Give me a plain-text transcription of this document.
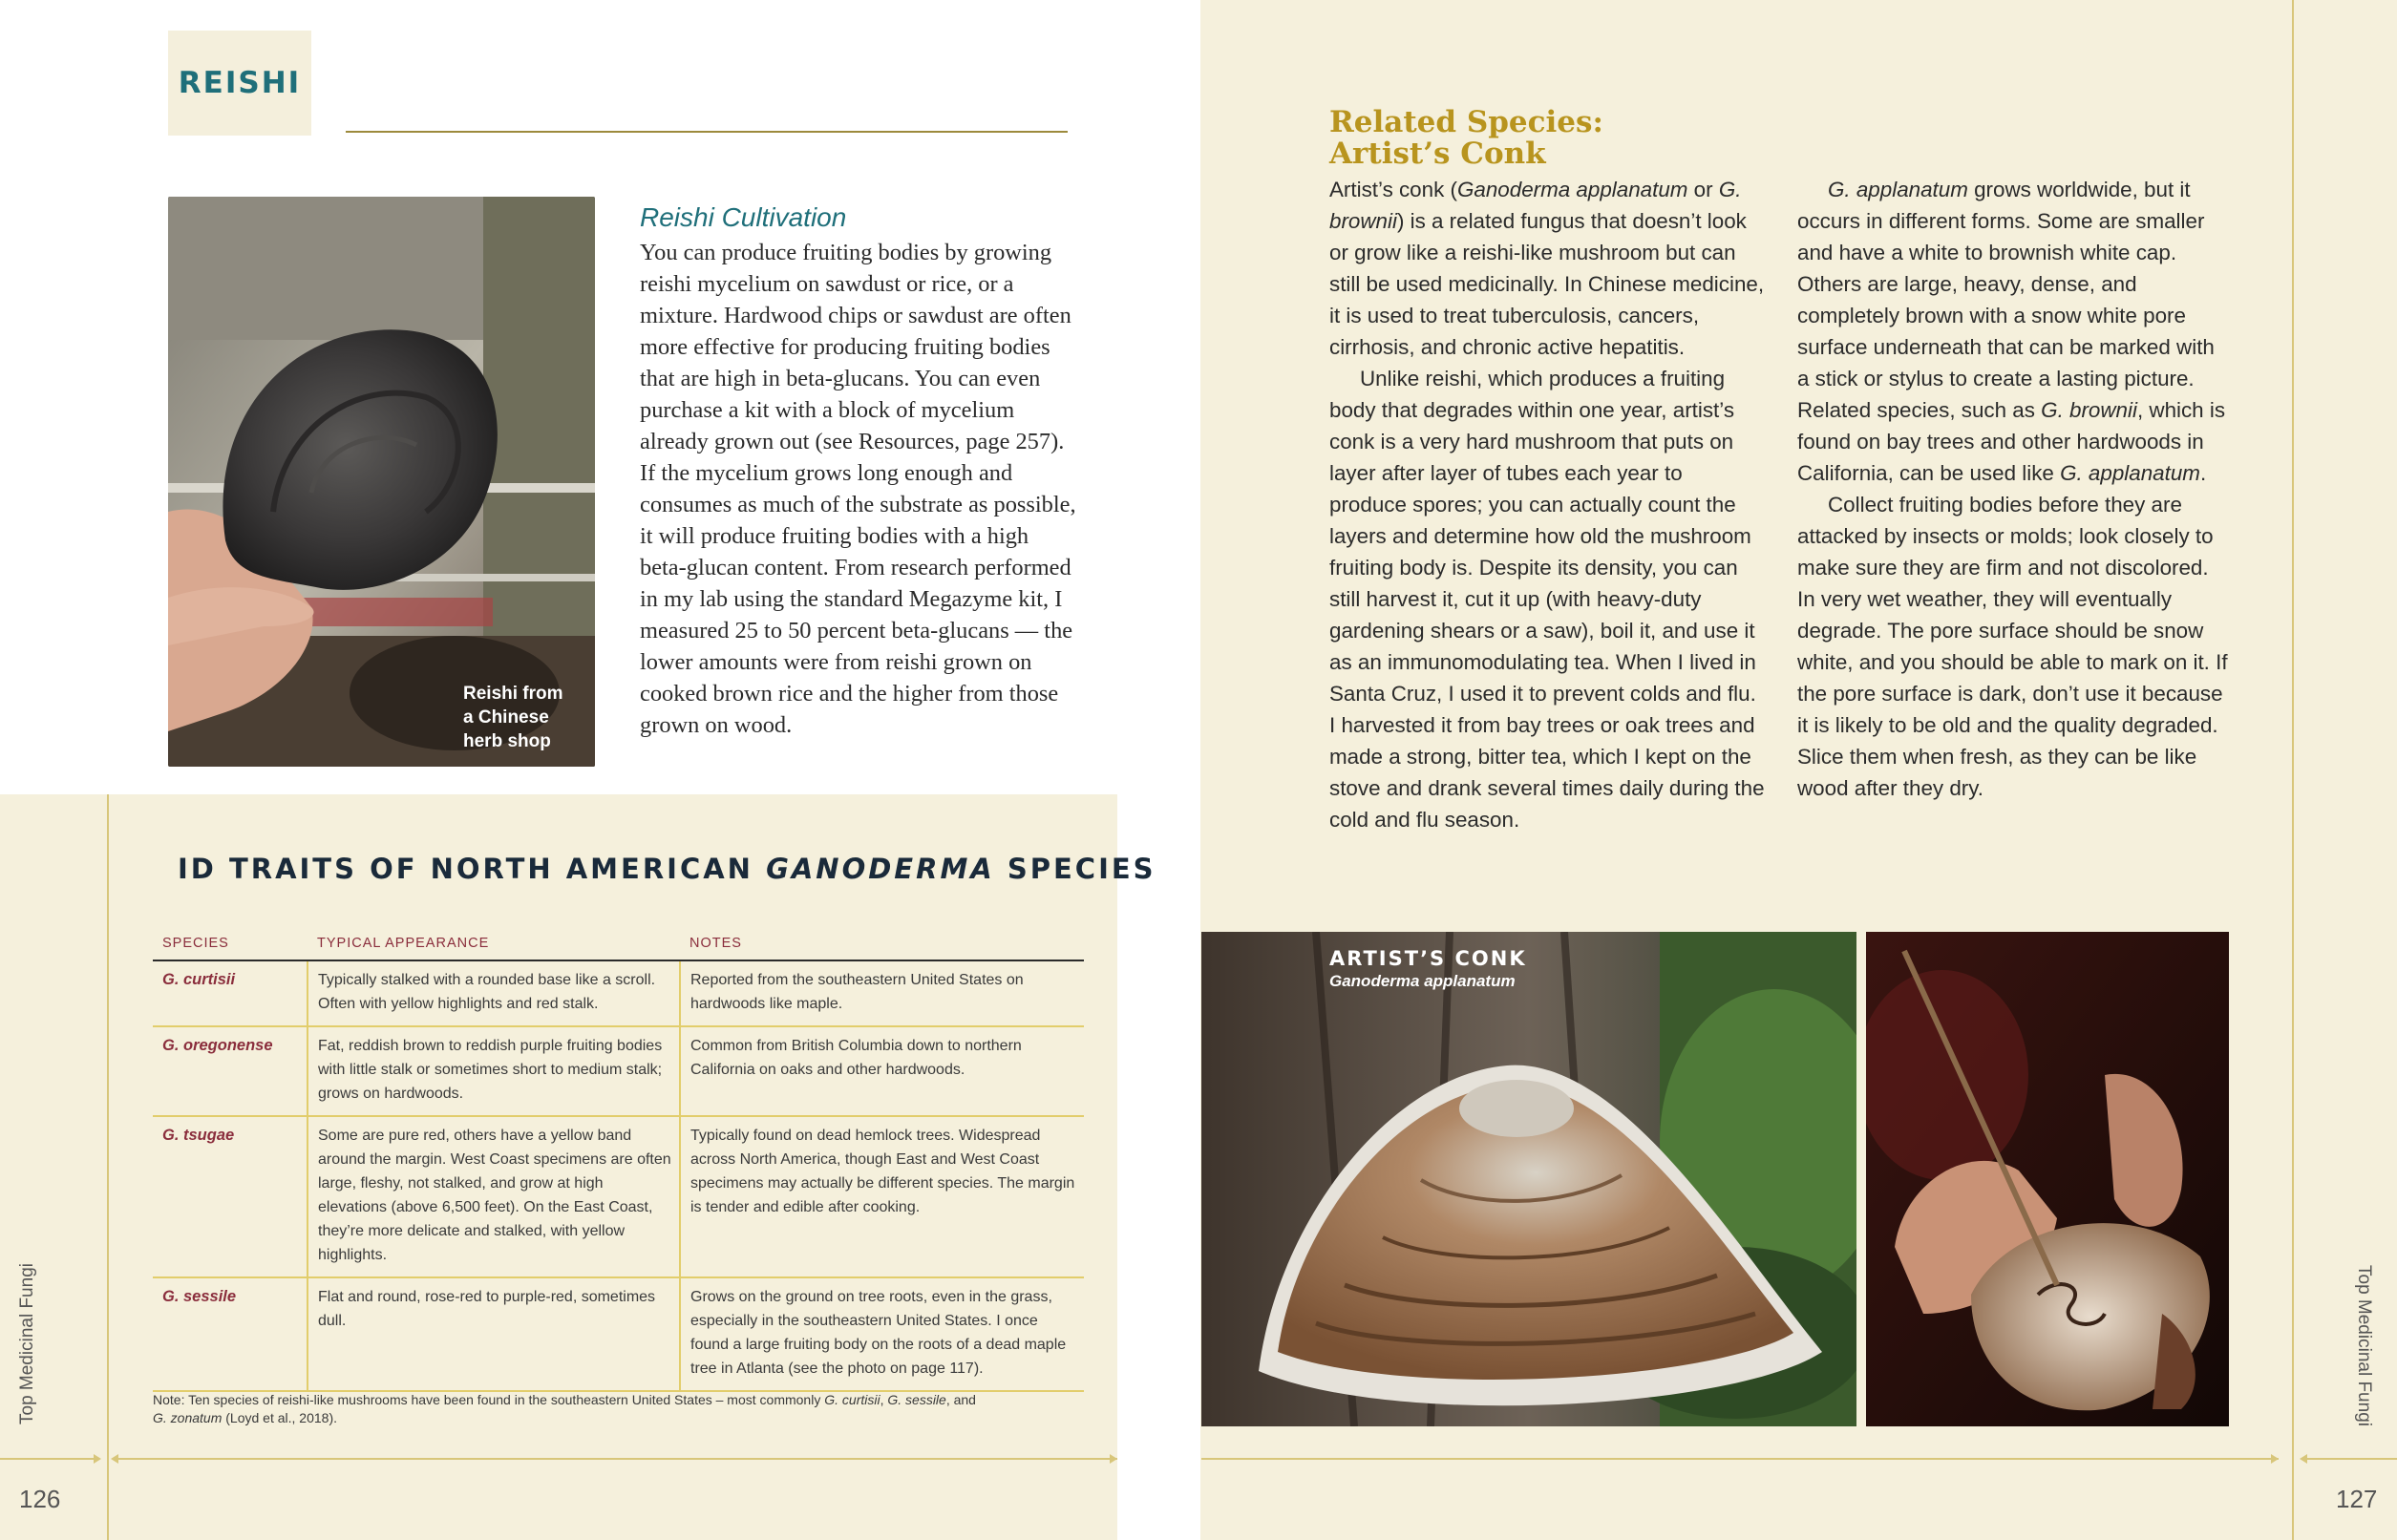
REISHI
Reishi from a Chinese herb shop
Reishi Cultivation
You can produce fruiting bodies by growing reishi mycelium on sawdust or rice, or a mixture. Hardwood chips or sawdust are often more effective for producing fruiting bodies that are high in beta-glucans. You can even purchase a kit with a block of mycelium already grown out (see Resources, page 257). If the mycelium grows long enough and consumes as much of the substrate as possible, it will produce fruiting bodies with a high beta-glucan content. From research performed in my lab using the standard Megazyme kit, I measured 25 to 50 percent beta-glucans — the lower amounts were from reishi grown on cooked brown rice and the higher from those grown on wood.
ID TRAITS OF NORTH AMERICAN GANODERMA SPECIES
SPECIES	TYPICAL APPEARANCE	NOTES
G. curtisii	Typically stalked with a rounded base like a scroll. Often with yellow highlights and red stalk.	Reported from the southeastern United States on hardwoods like maple.
G. oregonense	Fat, reddish brown to reddish purple fruiting bodies with little stalk or sometimes short to medium stalk; grows on hardwoods.	Common from British Columbia down to northern California on oaks and other hardwoods.
G. tsugae	Some are pure red, others have a yellow band around the margin. West Coast specimens are often large, fleshy, not stalked, and grow at high elevations (above 6,500 feet). On the East Coast, they’re more delicate and stalked, with yellow highlights.	Typically found on dead hemlock trees. Widespread across North America, though East and West Coast specimens may actually be different species. The margin is tender and edible after cooking.
G. sessile	Flat and round, rose-red to purple-red, sometimes dull.	Grows on the ground on tree roots, even in the grass, especially in the southeastern United States. I once found a large fruiting body on the roots of a dead maple tree in Atlanta (see the photo on page 117).
Note: Ten species of reishi-like mushrooms have been found in the southeastern United States – most commonly G. curtisii, G. sessile, and G. zonatum (Loyd et al., 2018).
Top Medicinal Fungi
126
Related Species:
Artist’s Conk
Artist’s conk (Ganoderma applanatum or G. brownii) is a related fungus that doesn’t look or grow like a reishi-like mushroom but can still be used medicinally. In Chinese medicine, it is used to treat tuberculosis, cancers, cirrhosis, and chronic active hepatitis.
Unlike reishi, which produces a fruiting body that degrades within one year, artist’s conk is a very hard mushroom that puts on layer after layer of tubes each year to produce spores; you can actually count the layers and determine how old the mushroom fruiting body is. Despite its density, you can still harvest it, cut it up (with heavy-duty gardening shears or a saw), boil it, and use it as an immunomodulating tea. When I lived in Santa Cruz, I used it to prevent colds and flu. I harvested it from bay trees or oak trees and made a strong, bitter tea, which I kept on the stove and drank several times daily during the cold and flu season.
G. applanatum grows worldwide, but it occurs in different forms. Some are smaller and have a white to brownish white cap. Others are large, heavy, dense, and completely brown with a snow white pore surface underneath that can be marked with a stick or stylus to create a lasting picture. Related species, such as G. brownii, which is found on bay trees and other hardwoods in California, can be used like G. applanatum.
Collect fruiting bodies before they are attacked by insects or molds; look closely to make sure they are firm and not discolored. In very wet weather, they will eventually degrade. The pore surface should be snow white, and you should be able to mark on it. If the pore surface is dark, don’t use it because it is likely to be old and the quality degraded. Slice them when fresh, as they can be like wood after they dry.
ARTIST’S CONK
Ganoderma applanatum
Top Medicinal Fungi
127
